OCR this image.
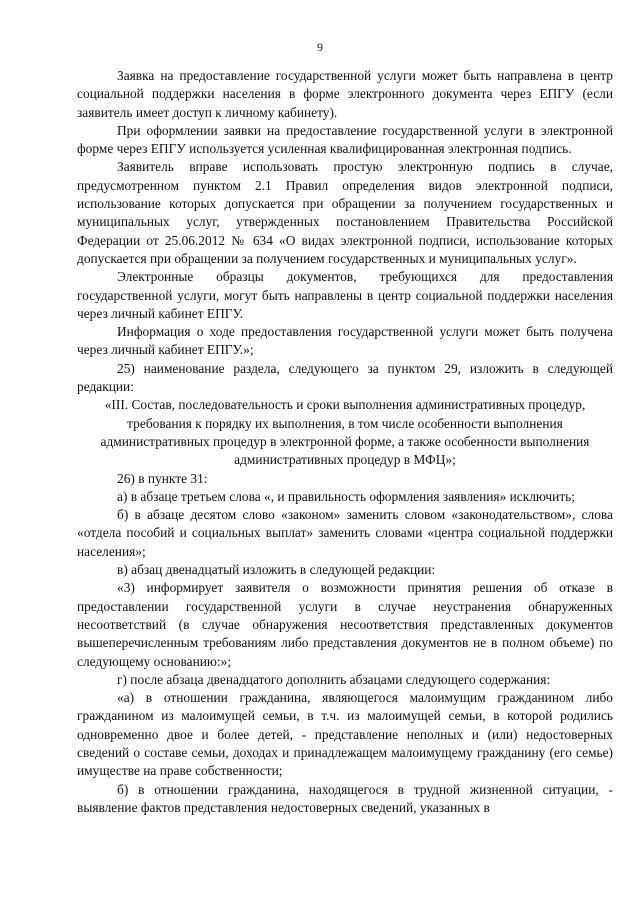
9

Заявка на предоставление государственной услуги может быть направлена в центр социальной поддержки населения в форме электронного документа через ЕПГУ (если заявитель имеет доступ к личному кабинету).

При оформлении заявки на предоставление государственной услуги в электронной форме через ЕПГУ используется усиленная квалифицированная электронная подпись.

Заявитель вправе использовать простую электронную подпись в случае, предусмотренном пунктом 2.1 Правил определения видов электронной подписи, использование которых допускается при обращении за получением государственных и муниципальных услуг, утвержденных постановлением Правительства Российской Федерации от 25.06.2012 № 634 «О видах электронной подписи, использование которых допускается при обращении за получением государственных и муниципальных услуг».

Электронные образцы документов, требующихся для предоставления государственной услуги, могут быть направлены в центр социальной поддержки населения через личный кабинет ЕПГУ.

Информация о ходе предоставления государственной услуги может быть получена через личный кабинет ЕПГУ.»;

25) наименование раздела, следующего за пунктом 29, изложить в следующей редакции:

«III. Состав, последовательность и сроки выполнения административных процедур, требования к порядку их выполнения, в том числе особенности выполнения административных процедур в электронной форме, а также особенности выполнения административных процедур в МФЦ»;

26) в пункте 31:

а) в абзаце третьем слова «, и правильность оформления заявления» исключить;

б) в абзаце десятом слово «законом» заменить словом «законодательством», слова «отдела пособий и социальных выплат» заменить словами «центра социальной поддержки населения»;

в) абзац двенадцатый изложить в следующей редакции:

«3) информирует заявителя о возможности принятия решения об отказе в предоставлении государственной услуги в случае неустранения обнаруженных несоответствий (в случае обнаружения несоответствия представленных документов вышеперечисленным требованиям либо представления документов не в полном объеме) по следующему основанию:»;

г) после абзаца двенадцатого дополнить абзацами следующего содержания:

«а) в отношении гражданина, являющегося малоимущим гражданином либо гражданином из малоимущей семьи, в т.ч. из малоимущей семьи, в которой родились одновременно двое и более детей, - представление неполных и (или) недостоверных сведений о составе семьи, доходах и принадлежащем малоимущему гражданину (его семье) имуществе на праве собственности;

б) в отношении гражданина, находящегося в трудной жизненной ситуации, - выявление фактов представления недостоверных сведений, указанных в
